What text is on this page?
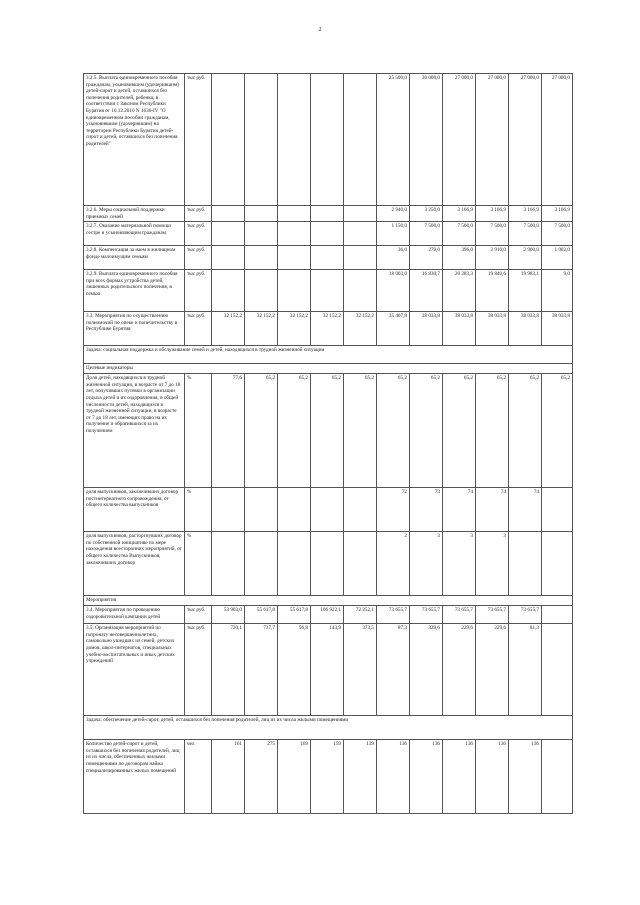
2
3.2.5. Выплата единовременного пособия гражданам, усыновившим (удочерившим) детей-сирот и детей, оставшихся без попечения родителей, ребенка, в соответствии с Законом Республики Бурятия от 10.12.2010 N 1636-IV "О единовременном пособии гражданам, усыновившим (удочерившим) на территории Республики Бурятия детей-сирот и детей, оставшихся без попечения родителей"	тыс руб.						25 500,0	30 000,0	27 000,0	27 000,0	27 000,0	27 000,0
3.2.6. Меры социальной поддержки приемных семей	тыс руб.						2 940,0	3 250,0	3 166,9	3 166,9	3 166,9	3 166,9
3.2.7. Оказание материальной помощи сестре и усыновляющим гражданам	тыс руб.						1 150,0	7 500,0	7 500,0	7 500,0	7 500,0	7 500,0
3.2.8. Компенсация за наем в жилищном фонде малоимущим семьям	тыс руб.						36,0	279,0	396,0	2 910,0	2 900,0	1 002,0
3.2.9. Выплата единовременного пособия при всех формах устройства детей, лишенных родительского попечения, в семью	тыс руб.						18 003,0	16 830,7	20 283,3	19 840,6	19 983,1	9,0
3.3. Мероприятия по осуществлению полномочий по опеке и попечительству в Республике Бурятия	тыс руб.	32 152,2	32 152,2	32 152,2	32 152,2	32 152,2	35 407,8	38 033,8	38 033,8	38 033,8	38 033,8	38 033,8
Задача: социальная поддержка и обслуживание семей и детей, находящихся в трудной жизненной ситуации												
Целевые индикаторы												
Доля детей, находящихся в трудной жизненной ситуации, в возрасте от 7 до 18 лет, получивших путевки в организации отдыха детей и их оздоровления, в общей численности детей, находящихся в трудной жизненной ситуации, в возрасте от 7 до 18 лет, имеющих право на их получение и обратившихся за их получением	%	77,6	65,2	65,2	65,2	65,2	65,2	65,2	65,2	65,2	65,2	65,2
доля выпускников, заключивших договор постинтернатного сопровождения, от общего количества выпускников	%						72	73	74	74	74	
доля выпускников, расторгнувших договор по собственной инициативе по мере нахождения всесторонних мероприятий, от общего количества Выпускников, заключивших договор	%						2	3	3	3		
Мероприятия												
3.4. Мероприятия по проведению оздоровительной кампании детей	тыс руб.	53 903,0	55 617,8	55 617,8	106 922,1	72 252,1	73 655,7	73 655,7	73 655,7	73 655,7	73 655,7	
3.5. Организация мероприятий по патронату несовершеннолетних, самовольно ушедших из семей, детских домов, школ-интернатов, специальных учебно-воспитательных и иных детских учреждений	тыс руб.	720,1	737,7	56,8	143,9	373,5	87,3	329,6	229,6	229,6	81,3	
Задача: обеспечение детей-сирот, детей, оставшихся без попечения родителей, лиц из их числа жилыми помещениями												
Количество детей-сирот и детей, оставшихся без попечения родителей, лиц из их числа, обеспеченных жилыми помещениями по договорам найма специализированных жилых помещений	чел	161	275	169	159	139	136	136	136	136	136	
